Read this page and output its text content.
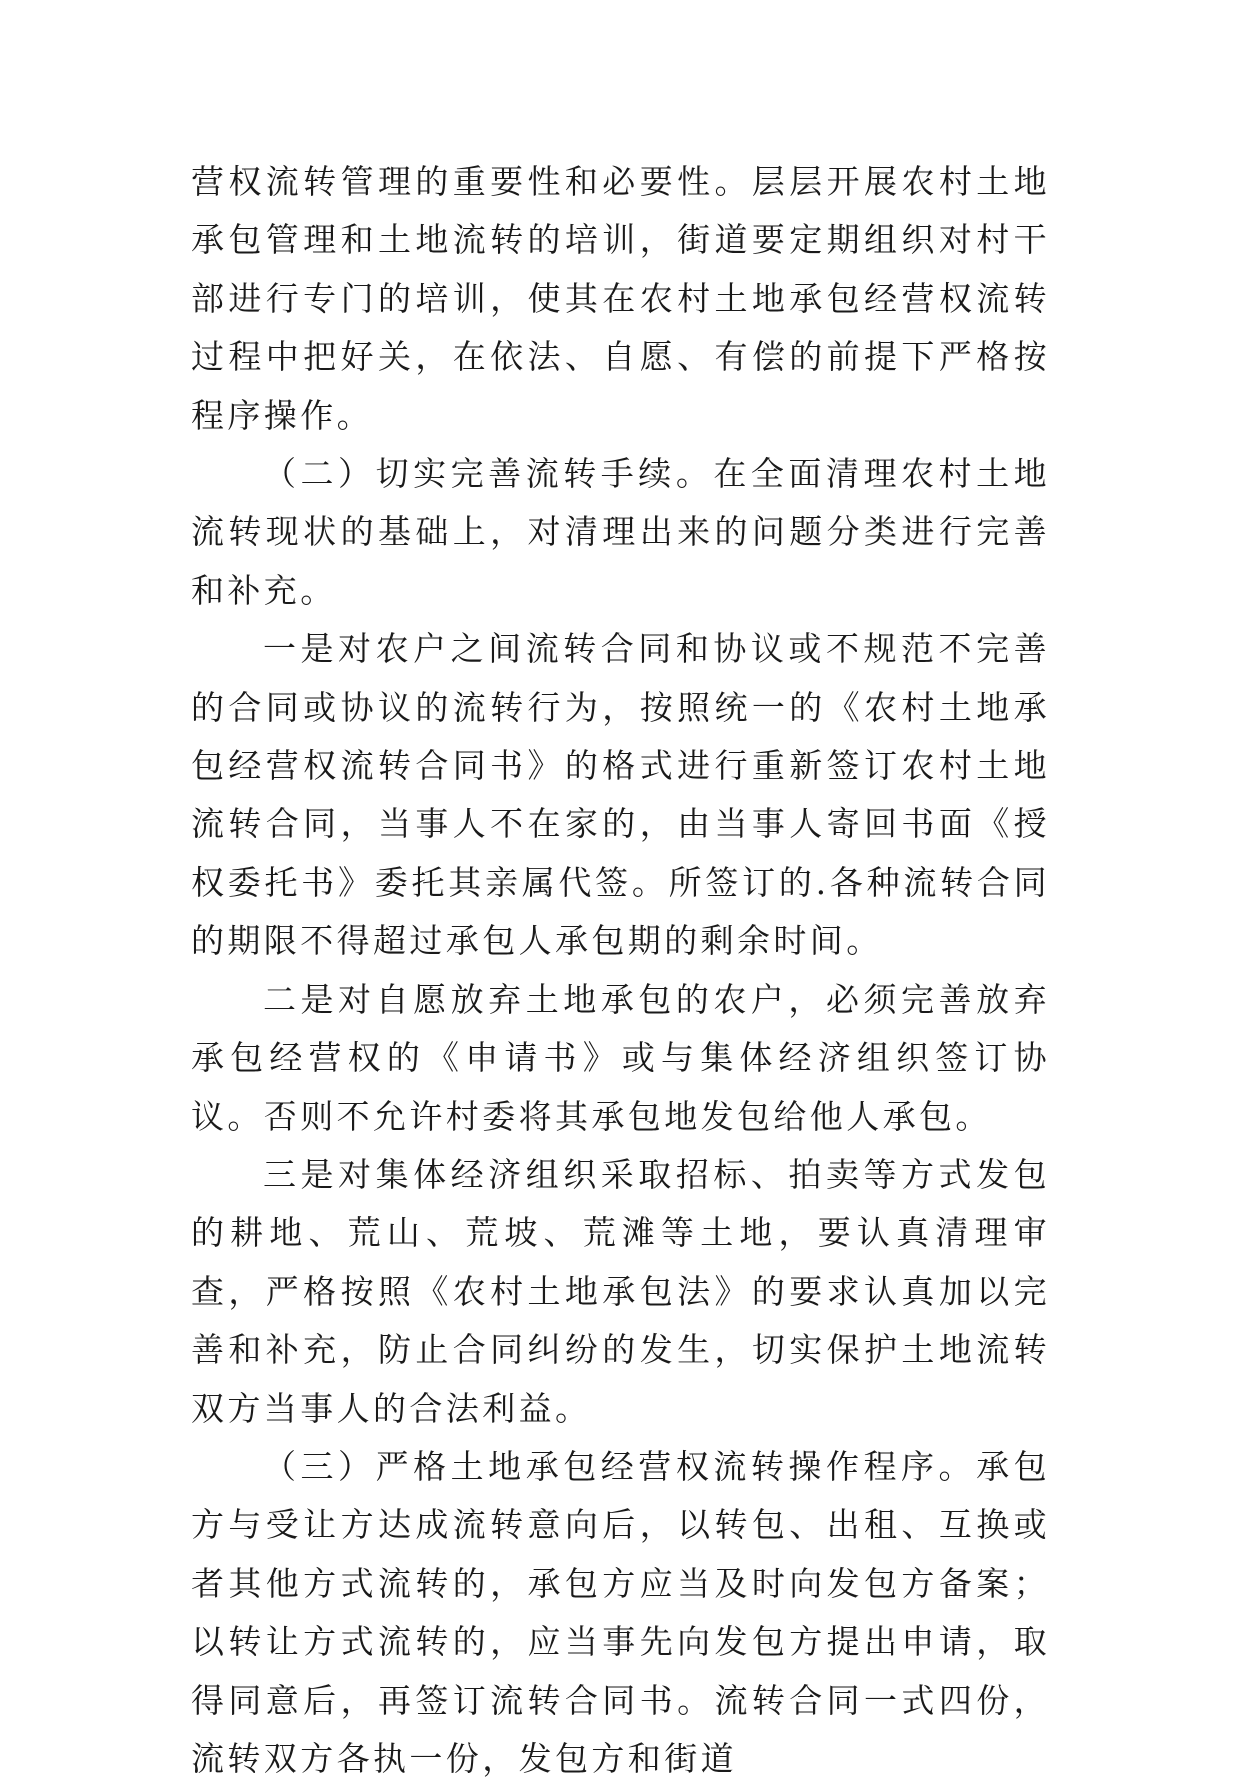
营权流转管理的重要性和必要性。层层开展农村土地承包管理和土地流转的培训，街道要定期组织对村干部进行专门的培训，使其在农村土地承包经营权流转过程中把好关，在依法、自愿、有偿的前提下严格按程序操作。

（二）切实完善流转手续。在全面清理农村土地流转现状的基础上，对清理出来的问题分类进行完善和补充。

一是对农户之间流转合同和协议或不规范不完善的合同或协议的流转行为，按照统一的《农村土地承包经营权流转合同书》的格式进行重新签订农村土地流转合同，当事人不在家的，由当事人寄回书面《授权委托书》委托其亲属代签。所签订的.各种流转合同的期限不得超过承包人承包期的剩余时间。

二是对自愿放弃土地承包的农户，必须完善放弃承包经营权的《申请书》或与集体经济组织签订协议。否则不允许村委将其承包地发包给他人承包。

三是对集体经济组织采取招标、拍卖等方式发包的耕地、荒山、荒坡、荒滩等土地，要认真清理审查，严格按照《农村土地承包法》的要求认真加以完善和补充，防止合同纠纷的发生，切实保护土地流转双方当事人的合法利益。

（三）严格土地承包经营权流转操作程序。承包方与受让方达成流转意向后，以转包、出租、互换或者其他方式流转的，承包方应当及时向发包方备案；以转让方式流转的，应当事先向发包方提出申请，取得同意后，再签订流转合同书。流转合同一式四份，流转双方各执一份，发包方和街道
